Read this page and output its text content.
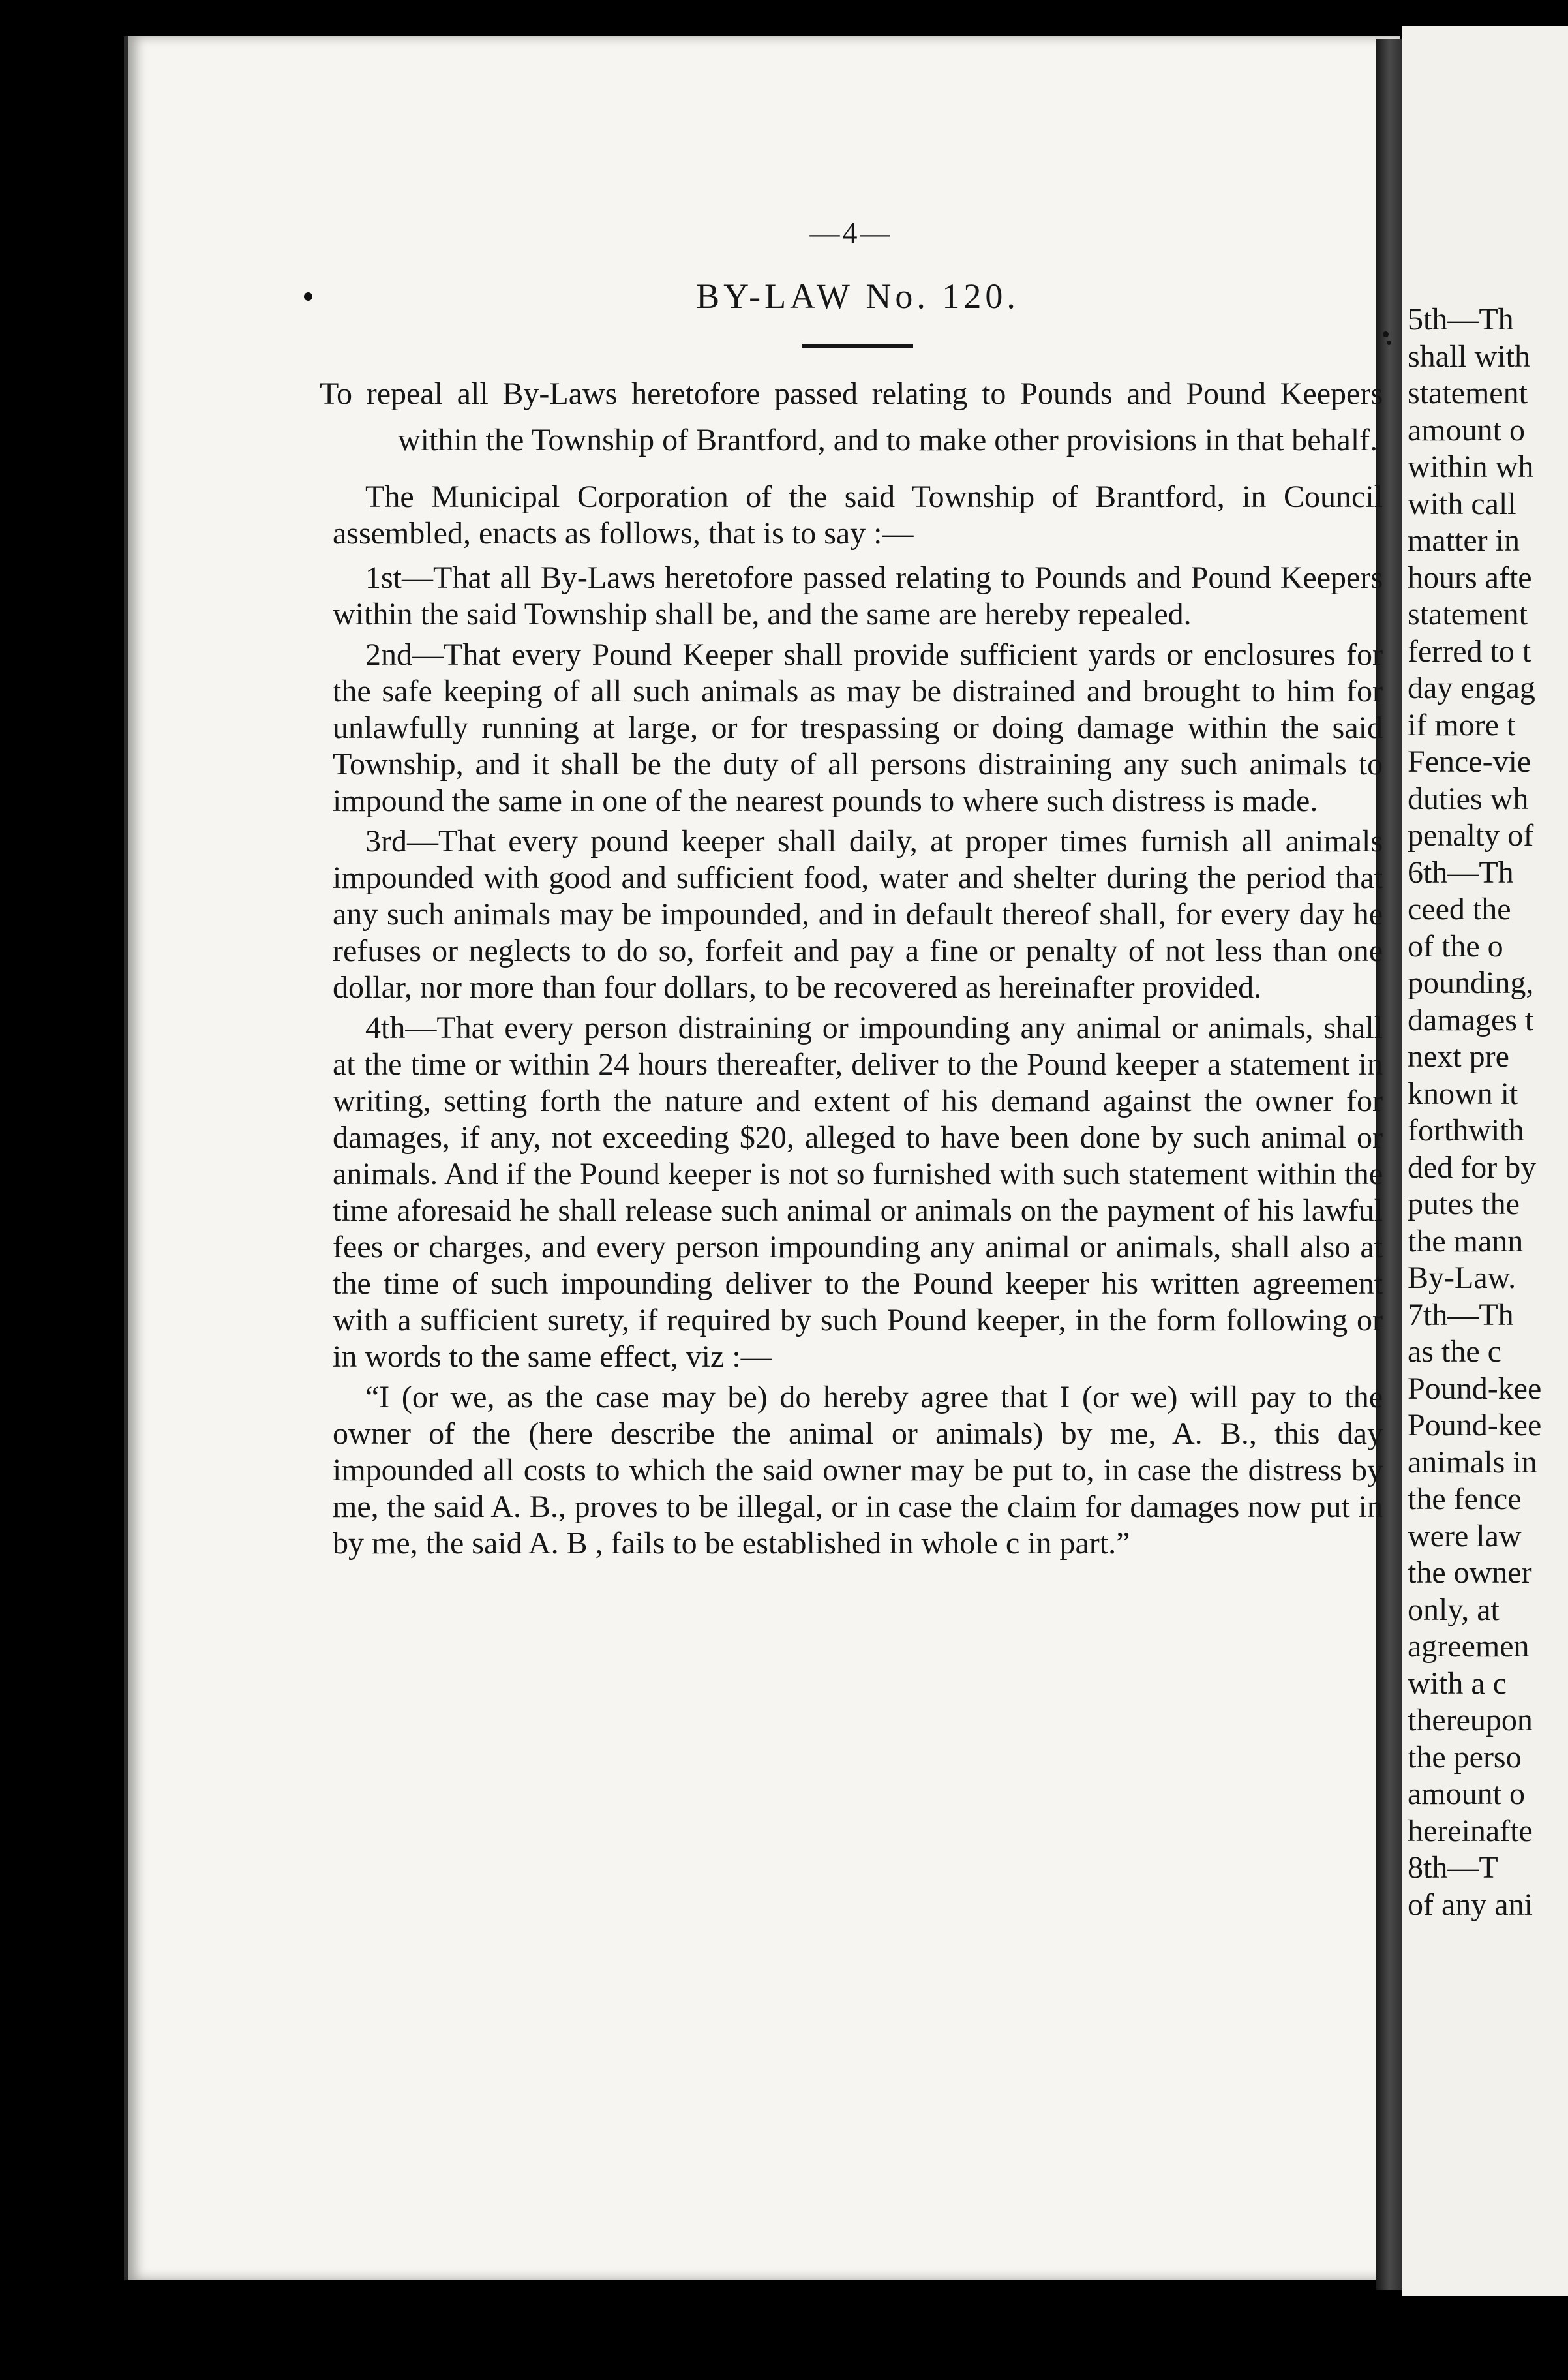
—4—
BY-LAW No. 120.
To repeal all By-Laws heretofore passed relating to Pounds and Pound Keepers within the Township of Brantford, and to make other provisions in that behalf.
The Municipal Corporation of the said Township of Brantford, in Council assembled, enacts as follows, that is to say :—
1st—That all By-Laws heretofore passed relating to Pounds and Pound Keepers within the said Township shall be, and the same are hereby repealed.
2nd—That every Pound Keeper shall provide sufficient yards or enclosures for the safe keeping of all such animals as may be distrained and brought to him for unlawfully running at large, or for trespassing or doing damage within the said Township, and it shall be the duty of all persons distraining any such animals to impound the same in one of the nearest pounds to where such distress is made.
3rd—That every pound keeper shall daily, at proper times furnish all animals impounded with good and sufficient food, water and shelter during the period that any such animals may be impounded, and in default thereof shall, for every day he refuses or neglects to do so, forfeit and pay a fine or penalty of not less than one dollar, nor more than four dollars, to be recovered as hereinafter provided.
4th—That every person distraining or impounding any animal or animals, shall at the time or within 24 hours thereafter, deliver to the Pound keeper a statement in writing, setting forth the nature and extent of his demand against the owner for damages, if any, not exceeding $20, alleged to have been done by such animal or animals. And if the Pound keeper is not so furnished with such statement within the time aforesaid he shall release such animal or animals on the payment of his lawful fees or charges, and every person impounding any animal or animals, shall also at the time of such impounding deliver to the Pound keeper his written agreement with a sufficient surety, if required by such Pound keeper, in the form following or in words to the same effect, viz :—
“I (or we, as the case may be) do hereby agree that I (or we) will pay to the owner of the (here describe the animal or animals) by me, A. B., this day impounded all costs to which the said owner may be put to, in case the distress by me, the said A. B., proves to be illegal, or in case the claim for damages now put in by me, the said A. B , fails to be established in whole c in part.”
5th—Th
shall with
statement
amount o
within wh
with call
matter in
hours afte
statement
ferred to t
day engag
if more t
Fence-vie
duties wh
penalty of
6th—Th
ceed the
of the o
pounding,
damages t
next pre
known it
forthwith
ded for by
putes the
the mann
By-Law.
7th—Th
as the c
Pound-kee
Pound-kee
animals in
the fence
were law
the owner
only, at
agreemen
with a c
thereupon
the perso
amount o
hereinafte
8th—T
of any ani
